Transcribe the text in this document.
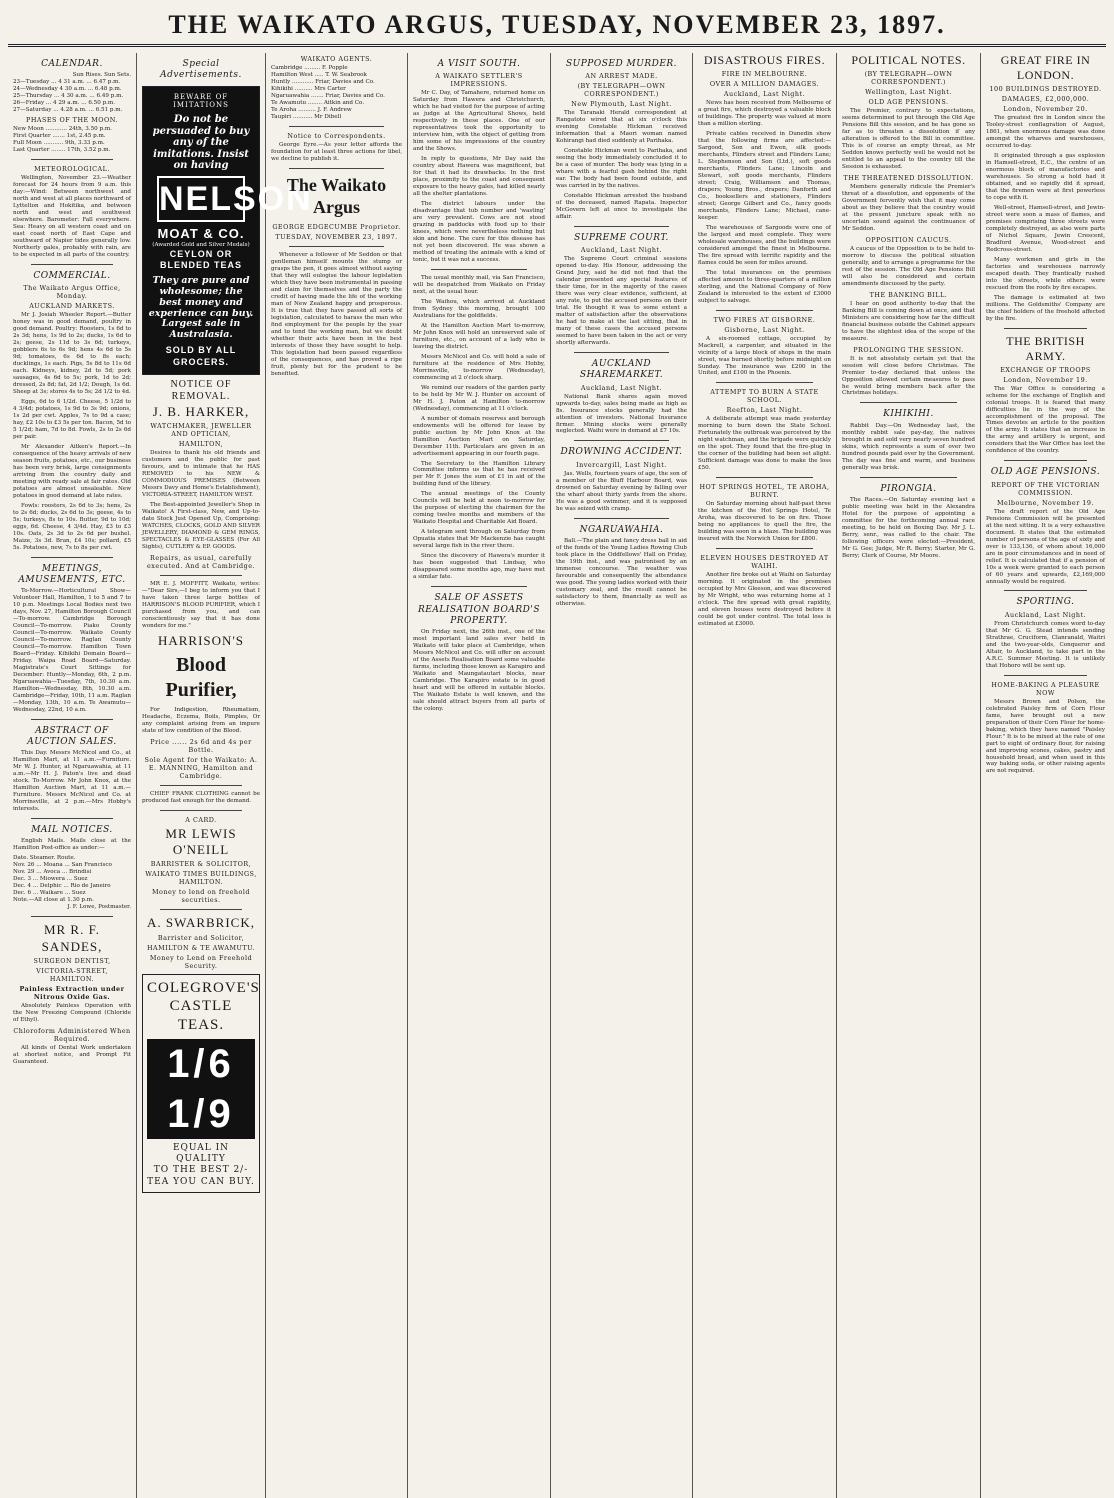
THE WAIKATO ARGUS, TUESDAY, NOVEMBER 23, 1897.
CALENDAR.
Sun Rises. Sun Sets.
23—Tuesday ... 4 31 a.m. ... 6.47 p.m.
24—Wednesday 4 30 a.m. ... 6.48 p.m.
25—Thursday ... 4 30 a.m. ... 6.49 p.m.
26—Friday ... 4 29 a.m. ... 6.50 p.m.
27—Saturday ... 4.28 a.m. ... 6.51 p.m.
PHASES OF THE MOON.
New Moon ............ 24th, 3.50 p.m.
First Quarter ....... 1st, 2.45 p.m.
Full Moon ........... 9th, 3.33 p.m.
Last Quarter ........ 17th, 3.52 p.m.
METEOROLOGICAL.

Wellington, November 23.—Weather forecast for 24 hours from 9 a.m. this day:—Wind: Between northwest and north and west at all places northward of Lyttelton and Hokitika, and between north and west and southwest elsewhere. Barometer: Fall everywhere. Sea: Heavy on all western coast and on east coast north of East Cape and southward of Napier tides generally low. Northerly gales, probably with rain, are to be expected in all parts of the country.

COMMERCIAL.
The Waikato Argus Office, Monday.
AUCKLAND MARKETS.

Mr J. Josiah Wheeler Report.—Butter honey was in good demand, poultry in good demand. Poultry: Roosters, 1s 6d to 2s 3d; hens, 1s 9d to 2s; ducks, 1s 6d to 2s; geese, 2s 11d to 3s 6d; turkeys, gobblers 6s to 6s 9d; hens 4s 6d to 5s 9d; tomatoes, 6s 6d to 8s each; ducklings, 1s each. Pigs, 5s 8d to 11s 6d each. Kidneys, kidney, 2d to 5d; pork sausages, 4s 6d to 5s; pork, 1d to 2d; dressed, 2s 8d; fat, 2d 1/2; Dough, 1s 6d. Sheep at 3s; stores 4s to 5s; 2d 1/2 to 4d.

Eggs, 6d to 6 1/2d. Cheese, 5 1/2d to 4 3/4d; potatoes, 1s 9d to 3s 9d; onions, 1s 2d per cwt. Apples, 7s to 9d a case; hay, £2 10s to £3 5s per ton. Bacon, 5d to 5 1/2d; ham, 7d to 8d. Fowls, 2s to 2s 6d per pair.

Mr Alexander Aitken's Report.—In consequence of the heavy arrivals of new season fruits, potatoes, etc., our business has been very brisk, large consignments arriving from the country daily and meeting with ready sale at fair rates. Old potatoes are almost unsaleable. New potatoes in good demand at late rates.

Fowls: roosters, 2s 6d to 3s; hens, 2s to 2s 6d; ducks, 2s 6d to 3s; geese, 4s to 5s; turkeys, 8s to 10s. Butter, 9d to 10d; eggs, 6d. Cheese, 4 3/4d. Hay, £3 to £3 10s. Oats, 2s 3d to 2s 6d per bushel. Maize, 3s 3d. Bran, £4 10s; pollard, £5 5s. Potatoes, new, 7s to 8s per cwt.

MEETINGS, AMUSEMENTS, ETC.

To-Morrow.—Horticultural Show—Volunteer Hall, Hamilton, 1 to 5 and 7 to 10 p.m. Meetings Local Bodies next two days, Nov. 27, Hamilton Borough Council—To-morrow. Cambridge Borough Council—To-morrow. Piako County Council—To-morrow. Waikato County Council—To-morrow. Raglan County Council—To-morrow. Hamilton Town Board—Friday. Kihikihi Domain Board—Friday. Waipa Road Board—Saturday. Magistrate's Court Sittings for December: Huntly—Monday, 6th, 2 p.m. Ngaruawahia—Tuesday, 7th, 10.30 a.m. Hamilton—Wednesday, 8th, 10.30 a.m. Cambridge—Friday, 10th, 11 a.m. Raglan—Monday, 13th, 10 a.m. Te Awamutu—Wednesday, 22nd, 10 a.m.

ABSTRACT OF AUCTION SALES.

This Day. Messrs McNicol and Co., at Hamilton Mart, at 11 a.m.—Furniture. Mr W. J. Hunter, at Ngaruawahia, at 11 a.m.—Mr H. J. Paton's live and dead stock. To-Morrow. Mr John Knox, at the Hamilton Auction Mart, at 11 a.m.—Furniture. Messrs McNicol and Co. at Morrinsville, at 2 p.m.—Mrs Hobby's interests.

MAIL NOTICES.

English Mails. Mails close at the Hamilton Post-office as under:—

Date. Steamer. Route.
Nov. 26 ... Moana ... San Francisco
Nov. 29 ... Avoca ... Brindisi
Dec. 3 ... Miowera ... Suez
Dec. 4 ... Delphic ... Rio de Janeiro
Dec. 6 ... Waikare ... Suez
Note.—All close at 1.30 p.m.
J. F. Lowe, Postmaster.
MR R. F. SANDES,
SURGEON DENTIST,
VICTORIA-STREET, HAMILTON.
Painless Extraction under Nitrous Oxide Gas.

Absolutely Painless Operation with the New Freezing Compound (Chloride of Ethyl).

Chloroform Administered When Required.

All kinds of Dental Work undertaken at shortest notice, and Prompt Fit Guaranteed.

Special Advertisements.
BEWARE OF IMITATIONS
Do not be persuaded to buy any of the imitations. Insist on having
NELSON
MOAT & CO.
(Awarded Gold and Silver Medals)
CEYLON OR BLENDED TEAS
They are pure and wholesome; the best money and experience can buy. Largest sale in Australasia.
SOLD BY ALL GROCERS.
NOTICE OF REMOVAL.
J. B. HARKER,
WATCHMAKER, JEWELLER AND OPTICIAN,
HAMILTON,

Desires to thank his old friends and customers and the public for past favours, and to intimate that he HAS REMOVED to his NEW & COMMODIOUS PREMISES (Between Messrs Davy and Home's Establishment), VICTORIA-STREET, HAMILTON WEST.

The Best-appointed Jeweller's Shop in Waikato! A First-class, New, and Up-to-date Stock Just Opened Up, Comprising: WATCHES, CLOCKS, GOLD AND SILVER JEWELLERY, DIAMOND & GEM RINGS, SPECTACLES & EYE-GLASSES (For All Sights), CUTLERY & EP. GOODS.

Repairs, as usual, carefully executed. And at Cambridge.

MR E. J. MOFFITT, Waikato, writes:—"Dear Sirs,—I beg to inform you that I have taken three large bottles of HARRISON'S BLOOD PURIFIER, which I purchased from you, and can conscientiously say that it has done wonders for me."

HARRISON'S
Blood Purifier,

For Indigestion, Rheumatism, Headache, Eczema, Boils, Pimples, Or any complaint arising from an impure state of low condition of the Blood.

Price ...... 2s 6d and 4s per Bottle.
Sole Agent for the Waikato: A. E. MANNING, Hamilton and Cambridge.

CHIEF FRANK CLOTHING cannot be produced fast enough for the demand.

A CARD.
MR LEWIS O'NEILL
BARRISTER & SOLICITOR,
WAIKATO TIMES BUILDINGS, HAMILTON.
Money to lend on freehold securities.
A. SWARBRICK,
Barrister and Solicitor,
HAMILTON & TE AWAMUTU.
Money to Lend on Freehold Security.
COLEGROVE'S
CASTLE TEAS.
1/6 1/9
EQUAL IN QUALITY
TO THE BEST 2/-
TEA YOU CAN BUY.
WAIKATO AGENTS.
Cambridge ......... F. Popple
Hamilton West ..... T. W. Seabrook
Huntly ............ Friar, Davies and Co.
Kihikihi .......... Mrs Carter
Ngaruawahia ....... Friar, Davies and Co.
Te Awamutu ........ Aitkin and Co.
Te Aroha .......... J. F. Andrew
Taupiri ........... Mr Dibell
Notice to Correspondents.

George Eyre.—As your letter affords the foundation for at least three actions for libel, we decline to publish it.

The Waikato Argus
GEORGE EDGECUMBE Proprietor.
TUESDAY, NOVEMBER 23, 1897.

Whenever a follower of Mr Seddon or that gentleman himself mounts the stump or grasps the pen, it goes almost without saying that they will eulogise the labour legislation which they have been instrumental in passing and claim for themselves and the party the credit of having made the life of the working man of New Zealand happy and prosperous. It is true that they have passed all sorts of legislation, calculated to harass the man who find employment for the people by the year and to tend the working man, but we doubt whether their acts have been in the best interests of those they have sought to help. This legislation had been passed regardless of the consequences, and has proved a ripe fruit, plenty but for the prudent to be benefited.

A VISIT SOUTH.
A WAIKATO SETTLER'S IMPRESSIONS.

Mr C. Day, of Tamahere, returned home on Saturday from Hawera and Christchurch, which he had visited for the purpose of acting as judge at the Agricultural Shows, held respectively in these places. One of our representatives took the opportunity to interview him, with the object of getting from him some of his impressions of the country and the Shows.

In reply to questions, Mr Day said the country about Hawera was magnificent, but for that it had its drawbacks. In the first place, proximity to the coast and consequent exposure to the heavy gales, had killed nearly all the shelter plantations.

The district labours under the disadvantage that tub number and 'wasting' are very prevalent. Cows are not stood grazing in paddocks with food up to their knees, which were nevertheless nothing but skin and bone. The cure for this disease has not yet been discovered. He was shown a method of treating the animals with a kind of tonic, but it was not a success.

The usual monthly mail, via San Francisco, will be despatched from Waikato on Friday next, at the usual hour.

The Waihou, which arrived at Auckland from Sydney this morning, brought 100 Australians for the goldfields.

At the Hamilton Auction Mart to-morrow, Mr John Knox will hold an unreserved sale of furniture, etc., on account of a lady who is leaving the district.

Messrs McNicol and Co. will hold a sale of furniture at the residence of Mrs Hobby, Morrinsville, to-morrow (Wednesday), commencing at 2 o'clock sharp.

We remind our readers of the garden party to be held by Mr W. J. Hunter on account of Mr H. J. Paton at Hamilton to-morrow (Wednesday), commencing at 11 o'clock.

A number of domain reserves and borough endowments will be offered for lease by public auction by Mr John Knox at the Hamilton Auction Mart on Saturday, December 11th. Particulars are given in an advertisement appearing in our fourth page.

The Secretary to the Hamilton Library Committee informs us that he has received per Mr F. Jones the sum of £1 in aid of the building fund of the library.

The annual meetings of the County Councils will be held at noon to-morrow for the purpose of electing the chairmen for the coming twelve months and members of the Waikato Hospital and Charitable Aid Board.

A telegram sent through on Saturday from Opuatia states that Mr Mackenzie has caught several large fish in the river there.

Since the discovery of Hawera's murder it has been suggested that Lindsay, who disappeared some months ago, may have met a similar fate.

SALE OF ASSETS REALISATION BOARD'S PROPERTY.

On Friday next, the 26th inst., one of the most important land sales ever held in Waikato will take place at Cambridge, when Messrs McNicol and Co. will offer on account of the Assets Realisation Board some valuable farms, including those known as Karapiro and Waikato and Maungatautari blocks, near Cambridge. The Karapiro estate is in good heart and will be offered in suitable blocks. The Waikato Estate is well known, and the sale should attract buyers from all parts of the colony.

SUPPOSED MURDER.
AN ARREST MADE.
(BY TELEGRAPH—OWN CORRESPONDENT.)
New Plymouth, Last Night.

The Taranaki Herald correspondent at Rangatoto wired that at six o'clock this evening Constable Hickman received information that a Maori woman named Kohirangi had died suddenly at Parihaka.

Constable Hickman went to Parihaka, and seeing the body immediately concluded it to be a case of murder. The body was lying in a whare with a fearful gash behind the right ear. The body had been found outside, and was carried in by the natives.

Constable Hickman arrested the husband of the deceased, named Rapata. Inspector McGovern left at once to investigate the affair.

SUPREME COURT.
Auckland, Last Night.

The Supreme Court criminal sessions opened to-day. His Honour, addressing the Grand Jury, said he did not find that the calendar presented any special features of their time, for in the majority of the cases there was very clear evidence, sufficient, at any rate, to put the accused persons on their trial. He thought it was to some extent a matter of satisfaction after the observations he had to make at the last sitting, that in many of these cases the accused persons seemed to have been taken in the act or very shortly afterwards.

AUCKLAND SHAREMARKET.
Auckland, Last Night.

National Bank shares again moved upwards to-day, sales being made as high as 8s. Insurance stocks generally had the attention of investors. National Insurance firmer. Mining stocks were generally neglected. Waihi were in demand at £7 10s.

DROWNING ACCIDENT.
Invercargill, Last Night.

Jas. Wells, fourteen years of age, the son of a member of the Bluff Harbour Board, was drowned on Saturday evening by falling over the wharf about thirty yards from the shore. He was a good swimmer, and it is supposed he was seized with cramp.

NGARUAWAHIA.

Ball.—The plain and fancy dress ball in aid of the funds of the Young Ladies Rowing Club took place in the Oddfellows' Hall on Friday, the 19th inst., and was patronised by an immense concourse. The weather was favourable and consequently the attendance was good. The young ladies worked with their customary zeal, and the result cannot be satisfactory to them, financially as well as otherwise.

DISASTROUS FIRES.
FIRE IN MELBOURNE.
OVER A MILLION DAMAGES.
Auckland, Last Night.

News has been received from Melbourne of a great fire, which destroyed a valuable block of buildings. The property was valued at more than a million sterling.

Private cables received in Dunedin show that the following firms are affected:—Sargood, Son and Ewen, silk goods merchants, Flinders street and Flinders Lane; L. Stephenson and Son (Ltd.), soft goods merchants, Flinders Lane; Lincoln and Stewart, soft goods merchants, Flinders street; Craig, Williamson and Thomas, drapers; Young Bros., drapers; Danforth and Co., booksellers and stationers, Flinders street; George Gilbert and Co., fancy goods merchants, Flinders Lane; Michael, cane-keeper.

The warehouses of Sargoods were one of the largest and most complete. They were wholesale warehouses, and the buildings were considered amongst the finest in Melbourne. The fire spread with terrific rapidity and the flames could be seen for miles around.

The total insurances on the premises affected amount to three-quarters of a million sterling, and the National Company of New Zealand is interested to the extent of £3000 subject to salvage.

TWO FIRES AT GISBORNE.
Gisborne, Last Night.

A six-roomed cottage, occupied by Mackrell, a carpenter, and situated in the vicinity of a large block of shops in the main street, was burned shortly before midnight on Sunday. The insurance was £200 in the United, and £100 in the Phoenix.

ATTEMPT TO BURN A STATE SCHOOL.
Reefton, Last Night.

A deliberate attempt was made yesterday morning to burn down the State School. Fortunately the outbreak was perceived by the night watchman, and the brigade were quickly on the spot. They found that the fire-plug in the corner of the building had been set alight. Sufficient damage was done to make the loss £50.

HOT SPRINGS HOTEL, TE AROHA, BURNT.

On Saturday morning about half-past three the kitchen of the Hot Springs Hotel, Te Aroha, was discovered to be on fire. Those being no appliances to quell the fire, the building was soon in a blaze. The building was insured with the Norwich Union for £800.

ELEVEN HOUSES DESTROYED AT WAIHI.

Another fire broke out at Waihi on Saturday morning. It originated in the premises occupied by Mrs Gleeson, and was discovered by Mr Wright, who was returning home at 1 o'clock. The fire spread with great rapidity, and eleven houses were destroyed before it could be got under control. The total loss is estimated at £3000.

POLITICAL NOTES.
(BY TELEGRAPH—OWN CORRESPONDENT.)
Wellington, Last Night.
OLD AGE PENSIONS.

The Premier, contrary to expectations, seems determined to put through the Old Age Pensions Bill this session, and he has gone so far as to threaten a dissolution if any alteration is offered to the Bill in committee. This is of course an empty threat, as Mr Seddon knows perfectly well he would not be entitled to an appeal to the country till the Session is exhausted.

THE THREATENED DISSOLUTION.

Members generally ridicule the Premier's threat of a dissolution, and opponents of the Government fervently wish that it may come about as they believe that the country would at the present juncture speak with no uncertain sound against the continuance of Mr Seddon.

OPPOSITION CAUCUS.

A caucus of the Opposition is to be held to-morrow to discuss the political situation generally, and to arrange a programme for the rest of the session. The Old Age Pensions Bill will also be considered and certain amendments discussed by the party.

THE BANKING BILL.

I hear on good authority to-day that the Banking Bill is coming down at once, and that Ministers are considering how far the difficult financial business outside the Cabinet appears to have the slightest idea of the scope of the measure.

PROLONGING THE SESSION.

It is not absolutely certain yet that the session will close before Christmas. The Premier to-day declared that unless the Opposition allowed certain measures to pass he would bring members back after the Christmas holidays.

KIHIKIHI.

Rabbit Day.—On Wednesday last, the monthly rabbit sale pay-day, the natives brought in and sold very nearly seven hundred skins, which represents a sum of over two hundred pounds paid over by the Government. The day was fine and warm, and business generally was brisk.

PIRONGIA.

The Races.—On Saturday evening last a public meeting was held in the Alexandra Hotel for the purpose of appointing a committee for the forthcoming annual race meeting, to be held on Boxing Day. Mr J. L. Berry, senr., was called to the chair. The following officers were elected:—President, Mr G. Gee; Judge, Mr R. Berry; Starter, Mr G. Berry; Clerk of Course, Mr Moore.

GREAT FIRE IN LONDON.
100 BUILDINGS DESTROYED.
DAMAGES, £2,000,000.
London, November 20.

The greatest fire in London since the Tooley-street conflagration of August, 1861, when enormous damage was done amongst the wharves and warehouses, occurred to-day.

It originated through a gas explosion in Hamsell-street, E.C., the centre of an enormous block of manufactories and warehouses. So strong a hold had it obtained, and so rapidly did it spread, that the firemen were at first powerless to cope with it.

Well-street, Hamsell-street, and Jewin-street were soon a mass of flames, and premises comprising three streets were completely destroyed, as also were parts of Nichol Square, Jewin Crescent, Bradford Avenue, Wood-street and Redcross-street.

Many workmen and girls in the factories and warehouses narrowly escaped death. They frantically rushed into the streets, while others were rescued from the roofs by fire escapes.

The damage is estimated at two millions. The Goldsmiths' Company are the chief holders of the freehold affected by the fire.

THE BRITISH ARMY.
EXCHANGE OF TROOPS
London, November 19.

The War Office is considering a scheme for the exchange of English and colonial troops. It is feared that many difficulties lie in the way of the accomplishment of the proposal. The Times devotes an article to the position of the army. It states that an increase in the army and artillery is urgent, and considers that the War Office has lost the confidence of the country.

OLD AGE PENSIONS.
REPORT OF THE VICTORIAN COMMISSION.
Melbourne, November 19.

The draft report of the Old Age Pensions Commission will be presented at the next sitting. It is a very exhaustive document. It states that the estimated number of persons of the age of sixty and over is 133,136, of whom about 16,000 are in poor circumstances and in need of relief. It is calculated that if a pension of 10s a week were granted to each person of 60 years and upwards, £2,169,000 annually would be required.

SPORTING.
Auckland, Last Night.

From Christchurch comes word to-day that Mr G. G. Stead intends sending Strathrae, Cruciform, Clanranald, Waitri and the two-year-olds, Conqueror and Altair, to Auckland, to take part in the A.R.C. Summer Meeting. It is unlikely that Hohoro will be sent up.

HOME-BAKING A PLEASURE NOW

Messrs Brown and Polson, the celebrated Paisley firm of Corn Flour fame, have brought out a new preparation of their Corn Flour for home-baking, which they have named "Paisley Flour." It is to be mixed at the rate of one part to eight of ordinary flour, for raising and improving scones, cakes, pastry and household bread, and when used in this way baking soda, or other raising agents are not required.
